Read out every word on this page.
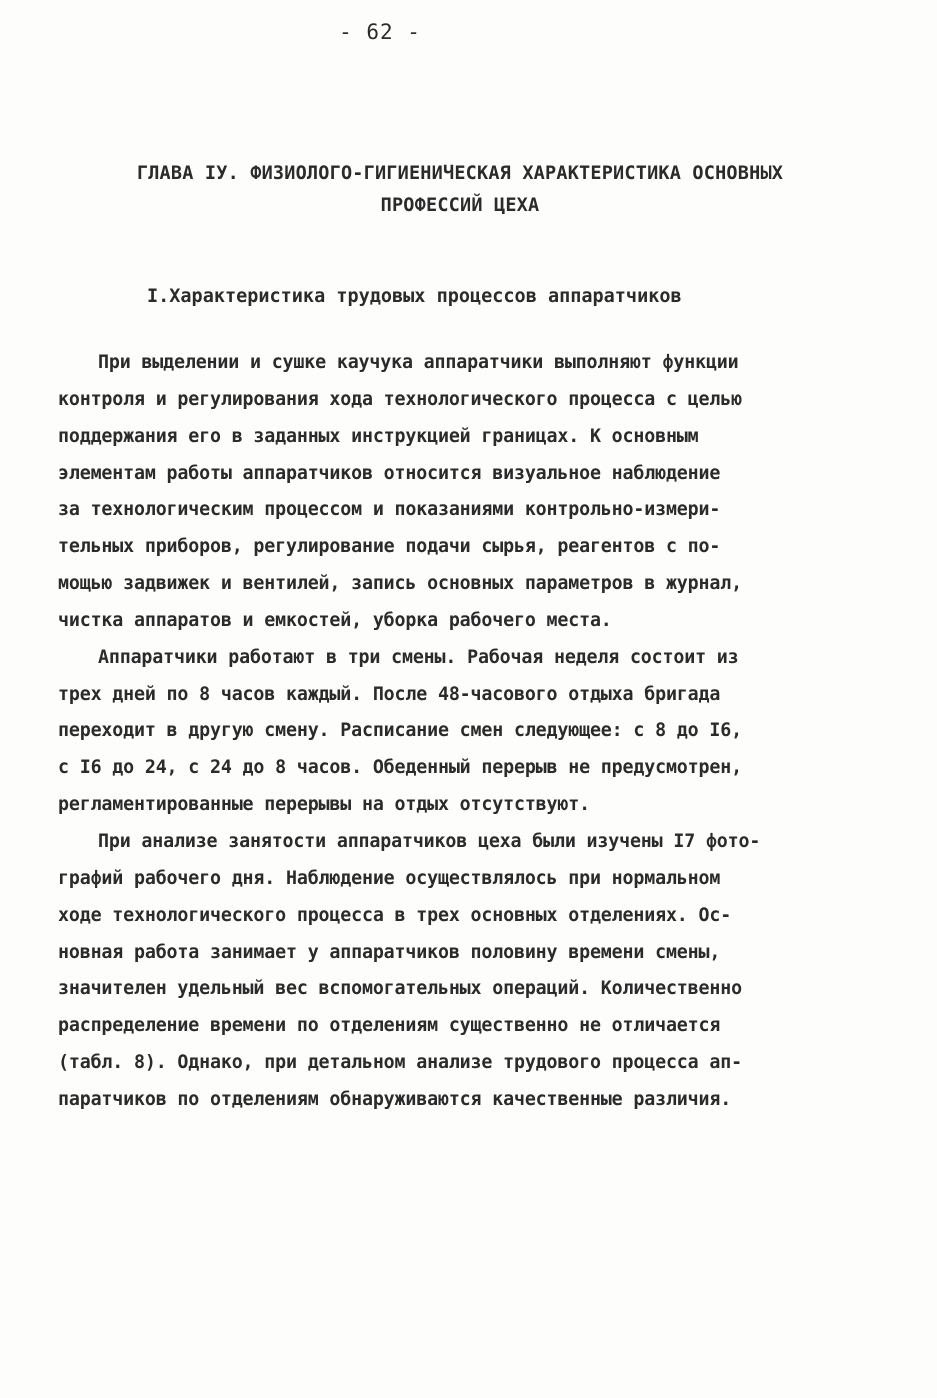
- 62 -
ГЛАВА IУ. ФИЗИОЛОГО-ГИГИЕНИЧЕСКАЯ ХАРАКТЕРИСТИКА ОСНОВНЫХ
ПРОФЕССИЙ ЦЕХА
I.Характеристика трудовых процессов аппаратчиков
При выделении и сушке каучука аппаратчики выполняют функции
контроля и регулирования хода технологического процесса с целью
поддержания его в заданных инструкцией границах. К основным
элементам работы аппаратчиков относится визуальное наблюдение
за технологическим процессом и показаниями контрольно-измери-
тельных приборов, регулирование подачи сырья, реагентов с по-
мощью задвижек и вентилей, запись основных параметров в журнал,
чистка аппаратов и емкостей, уборка рабочего места.
Аппаратчики работают в три смены. Рабочая неделя состоит из
трех дней по 8 часов каждый. После 48-часового отдыха бригада
переходит в другую смену. Расписание смен следующее: с 8 до I6,
с I6 до 24, с 24 до 8 часов. Обеденный перерыв не предусмотрен,
регламентированные перерывы на отдых отсутствуют.
При анализе занятости аппаратчиков цеха были изучены I7 фото-
графий рабочего дня. Наблюдение осуществлялось при нормальном
ходе технологического процесса в трех основных отделениях. Ос-
новная работа занимает у аппаратчиков половину времени смены,
значителен удельный вес вспомогательных операций. Количественно
распределение времени по отделениям существенно не отличается
(табл. 8). Однако, при детальном анализе трудового процесса ап-
паратчиков по отделениям обнаруживаются качественные различия.
